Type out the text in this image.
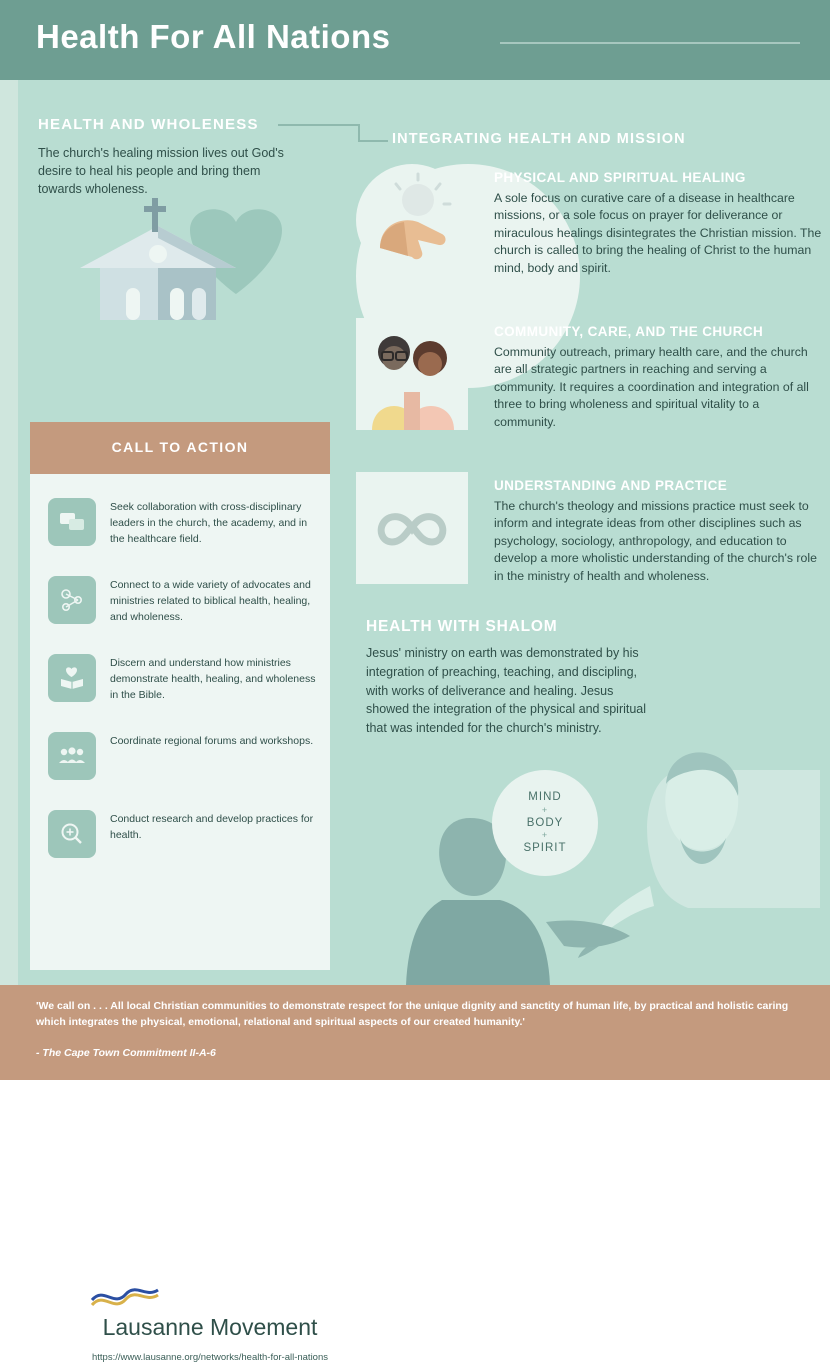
Health For All Nations
HEALTH AND WHOLENESS
The church's healing mission lives out God's desire to heal his people and bring them towards wholeness.
CALL TO ACTION
Seek collaboration with cross-disciplinary leaders in the church, the academy, and in the healthcare field.
Connect to a wide variety of advocates and ministries related to biblical health, healing, and wholeness.
Discern and understand how ministries demonstrate health, healing, and wholeness in the Bible.
Coordinate regional forums and workshops.
Conduct research and develop practices for health.
Lausanne Movement
https://www.lausanne.org/networks/health-for-all-nations
INTEGRATING HEALTH AND MISSION
PHYSICAL AND SPIRITUAL HEALING
A sole focus on curative care of a disease in healthcare missions, or a sole focus on prayer for deliverance or miraculous healings disintegrates the Christian mission. The church is called to bring the healing of Christ to the human mind, body and spirit.
COMMUNITY, CARE, AND THE CHURCH
Community outreach, primary health care, and the church are all strategic partners in reaching and serving a community. It requires a coordination and integration of all three to bring wholeness and spiritual vitality to a community.
UNDERSTANDING AND PRACTICE
The church's theology and missions practice must seek to inform and integrate ideas from other disciplines such as psychology, sociology, anthropology, and education to develop a more wholistic understanding of the church's role in the ministry of health and wholeness.
HEALTH WITH SHALOM
Jesus' ministry on earth was demonstrated by his integration of preaching, teaching, and discipling, with works of deliverance and healing. Jesus showed the integration of the physical and spiritual that was intended for the church's ministry.
MIND
+
BODY
+
SPIRIT
'We call on . . . All local Christian communities to demonstrate respect for the unique dignity and sanctity of human life, by practical and holistic caring which integrates the physical, emotional, relational and spiritual aspects of our created humanity.'
- The Cape Town Commitment II-A-6
